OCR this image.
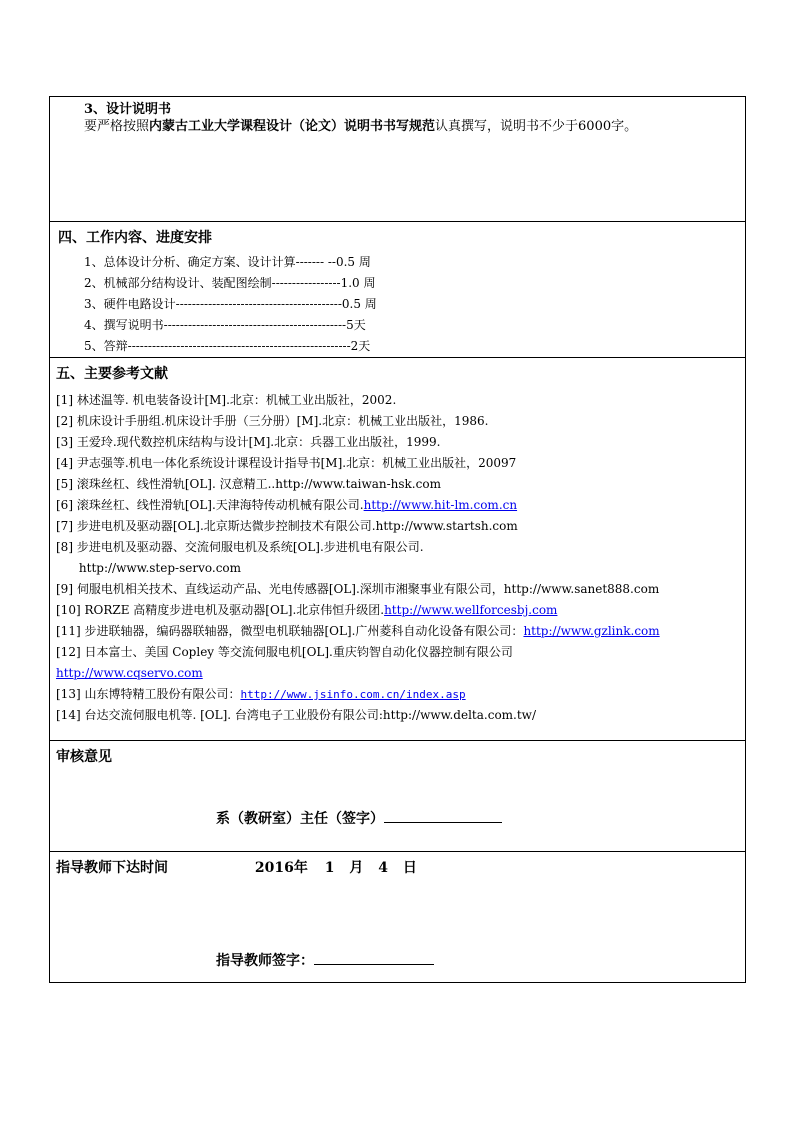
3、设计说明书
要严格按照内蒙古工业大学课程设计（论文）说明书书写规范认真撰写，说明书不少于6000字。

四、工作内容、进度安排
1、总体设计分析、确定方案、设计计算------- --0.5 周
2、机械部分结构设计、装配图绘制-----------------1.0 周
3、硬件电路设计-----------------------------------------0.5 周
4、撰写说明书---------------------------------------------5天
5、答辩-------------------------------------------------------2天

五、主要参考文献
[1] 林述温等. 机电装备设计[M].北京：机械工业出版社，2002.
[2] 机床设计手册组.机床设计手册（三分册）[M].北京：机械工业出版社，1986.
[3] 王爱玲.现代数控机床结构与设计[M].北京：兵器工业出版社，1999.
[4] 尹志强等.机电一体化系统设计课程设计指导书[M].北京：机械工业出版社，20097
[5] 滚珠丝杠、线性滑轨[OL]. 汉意精工..http://www.taiwan-hsk.com
[6] 滚珠丝杠、线性滑轨[OL].天津海特传动机械有限公司.http://www.hit-lm.com.cn
[7] 步进电机及驱动器[OL].北京斯达微步控制技术有限公司.http://www.startsh.com
[8] 步进电机及驱动器、交流伺服电机及系统[OL].步进机电有限公司.
http://www.step-servo.com
[9] 伺服电机相关技术、直线运动产品、光电传感器[OL].深圳市湘聚事业有限公司，http://www.sanet888.com
[10] RORZE 高精度步进电机及驱动器[OL].北京伟恒升级团.http://www.wellforcesbj.com
[11] 步进联轴器，编码器联轴器，微型电机联轴器[OL].广州菱科自动化设备有限公司：http://www.gzlink.com
[12] 日本富士、美国 Copley 等交流伺服电机[OL].重庆钧智自动化仪器控制有限公司
http://www.cqservo.com
[13] 山东博特精工股份有限公司：http://www.jsinfo.com.cn/index.asp
[14] 台达交流伺服电机等. [OL]. 台湾电子工业股份有限公司:http://www.delta.com.tw/

审核意见
系（教研室）主任（签字）

指导教师下达时间	2016年 1 月 4 日
指导教师签字：
